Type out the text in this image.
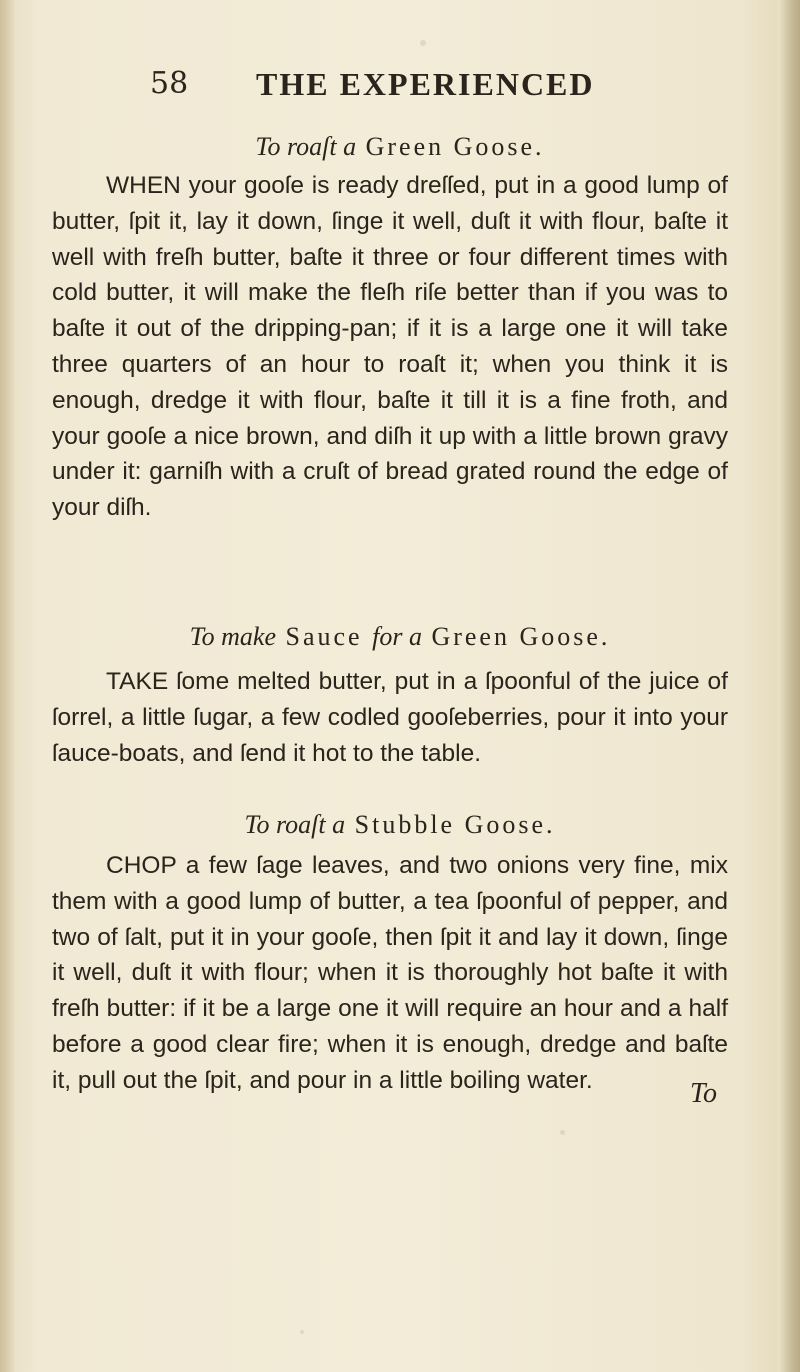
58 THE EXPERIENCED
To roaſt a Green Goose.

WHEN your gooſe is ready dreſſed, put in a good lump of butter, ſpit it, lay it down, ſinge it well, duſt it with flour, baſte it well with freſh butter, baſte it three or four different times with cold butter, it will make the fleſh riſe better than if you was to baſte it out of the dripping-pan; if it is a large one it will take three quarters of an hour to roaſt it; when you think it is enough, dredge it with flour, baſte it till it is a fine froth, and your gooſe a nice brown, and diſh it up with a little brown gravy under it: garniſh with a cruſt of bread grated round the edge of your diſh.

To make Sauce for a Green Goose.

TAKE ſome melted butter, put in a ſpoonful of the juice of ſorrel, a little ſugar, a few codled gooſeberries, pour it into your ſauce-boats, and ſend it hot to the table.

To roaſt a Stubble Goose.

CHOP a few ſage leaves, and two onions very fine, mix them with a good lump of butter, a tea ſpoonful of pepper, and two of ſalt, put it in your gooſe, then ſpit it and lay it down, ſinge it well, duſt it with flour; when it is thoroughly hot baſte it with freſh butter: if it be a large one it will require an hour and a half before a good clear fire; when it is enough, dredge and baſte it, pull out the ſpit, and pour in a little boiling water.	To
